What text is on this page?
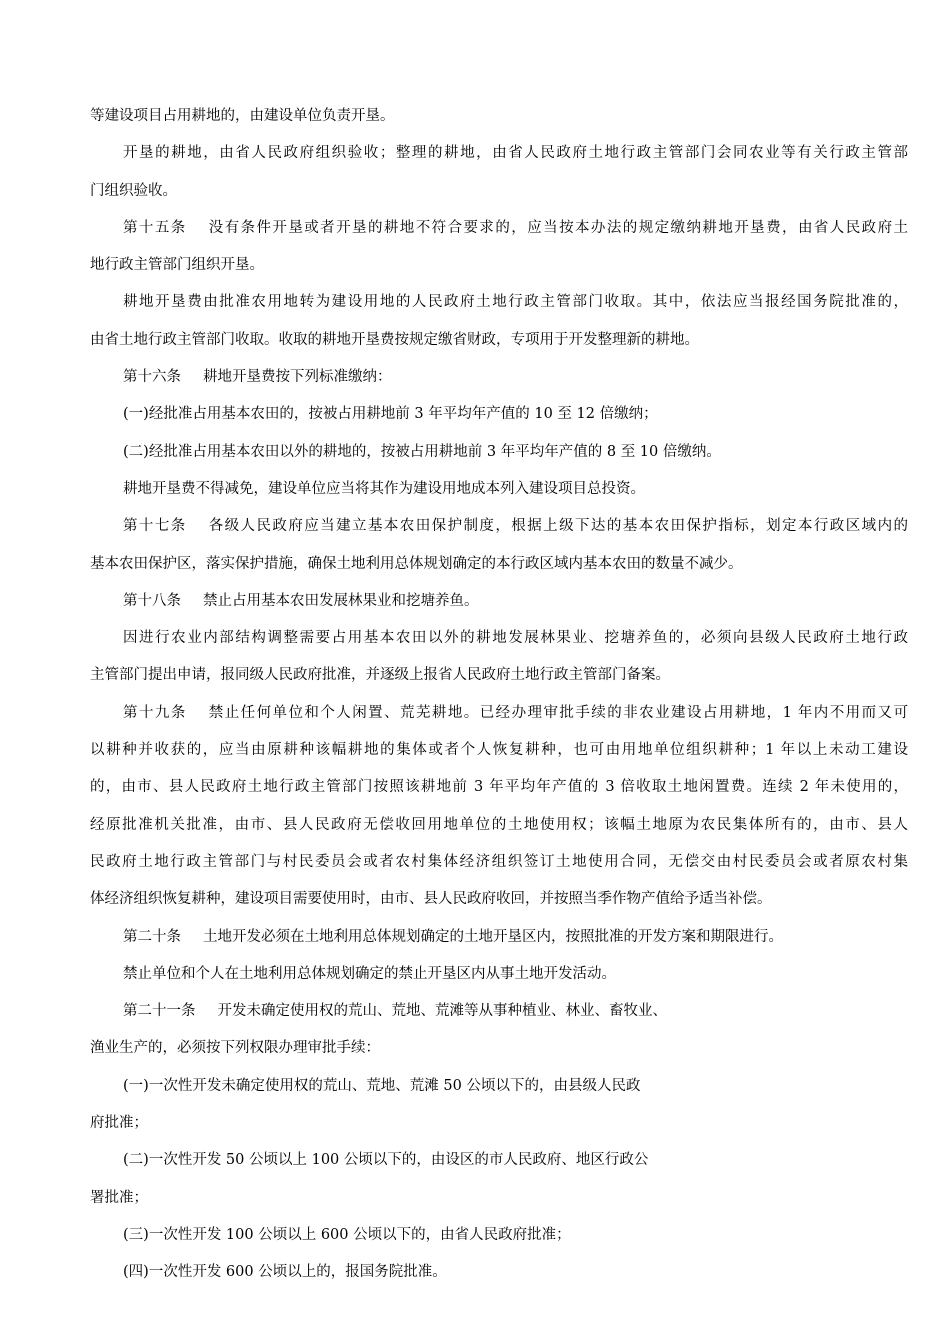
等建设项目占用耕地的，由建设单位负责开垦。
开垦的耕地，由省人民政府组织验收；整理的耕地，由省人民政府土地行政主管部门会同农业等有关行政主管部
门组织验收。
第十五条 没有条件开垦或者开垦的耕地不符合要求的，应当按本办法的规定缴纳耕地开垦费，由省人民政府土
地行政主管部门组织开垦。
耕地开垦费由批准农用地转为建设用地的人民政府土地行政主管部门收取。其中，依法应当报经国务院批准的，
由省土地行政主管部门收取。收取的耕地开垦费按规定缴省财政，专项用于开发整理新的耕地。
第十六条 耕地开垦费按下列标准缴纳：
(一)经批准占用基本农田的，按被占用耕地前 3 年平均年产值的 10 至 12 倍缴纳；
(二)经批准占用基本农田以外的耕地的，按被占用耕地前 3 年平均年产值的 8 至 10 倍缴纳。
耕地开垦费不得减免，建设单位应当将其作为建设用地成本列入建设项目总投资。
第十七条 各级人民政府应当建立基本农田保护制度，根据上级下达的基本农田保护指标，划定本行政区域内的
基本农田保护区，落实保护措施，确保土地利用总体规划确定的本行政区域内基本农田的数量不减少。
第十八条 禁止占用基本农田发展林果业和挖塘养鱼。
因进行农业内部结构调整需要占用基本农田以外的耕地发展林果业、挖塘养鱼的，必须向县级人民政府土地行政
主管部门提出申请，报同级人民政府批准，并逐级上报省人民政府土地行政主管部门备案。
第十九条 禁止任何单位和个人闲置、荒芜耕地。已经办理审批手续的非农业建设占用耕地，1 年内不用而又可
以耕种并收获的，应当由原耕种该幅耕地的集体或者个人恢复耕种，也可由用地单位组织耕种；1 年以上未动工建设
的，由市、县人民政府土地行政主管部门按照该耕地前 3 年平均年产值的 3 倍收取土地闲置费。连续 2 年未使用的，
经原批准机关批准，由市、县人民政府无偿收回用地单位的土地使用权；该幅土地原为农民集体所有的，由市、县人
民政府土地行政主管部门与村民委员会或者农村集体经济组织签订土地使用合同，无偿交由村民委员会或者原农村集
体经济组织恢复耕种，建设项目需要使用时，由市、县人民政府收回，并按照当季作物产值给予适当补偿。
第二十条 土地开发必须在土地利用总体规划确定的土地开垦区内，按照批准的开发方案和期限进行。
禁止单位和个人在土地利用总体规划确定的禁止开垦区内从事土地开发活动。
第二十一条 开发未确定使用权的荒山、荒地、荒滩等从事种植业、林业、畜牧业、
渔业生产的，必须按下列权限办理审批手续：
(一)一次性开发未确定使用权的荒山、荒地、荒滩 50 公顷以下的，由县级人民政
府批准；
(二)一次性开发 50 公顷以上 100 公顷以下的，由设区的市人民政府、地区行政公
署批准；
(三)一次性开发 100 公顷以上 600 公顷以下的，由省人民政府批准；
(四)一次性开发 600 公顷以上的，报国务院批准。
